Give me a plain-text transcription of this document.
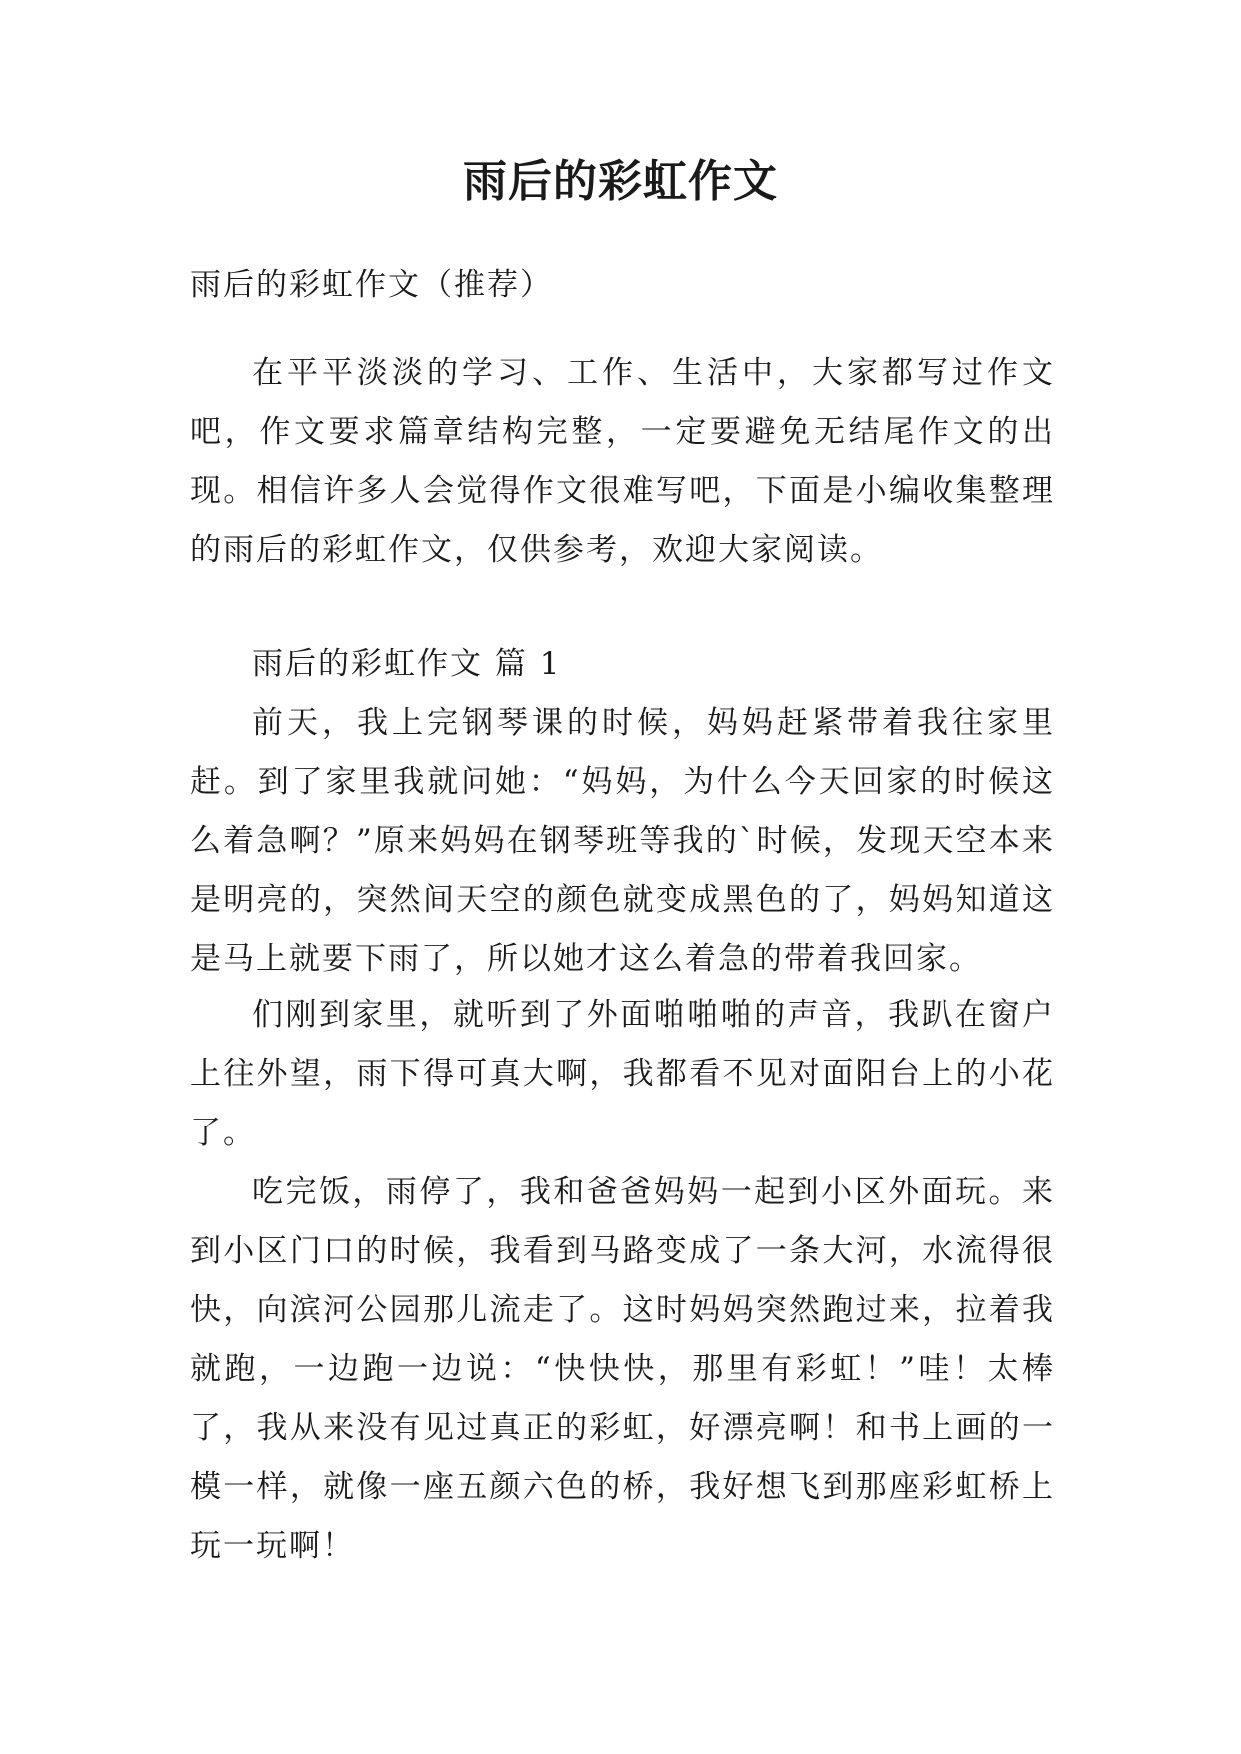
雨后的彩虹作文

雨后的彩虹作文（推荐）

在平平淡淡的学习、工作、生活中，大家都写过作文吧，作文要求篇章结构完整，一定要避免无结尾作文的出现。相信许多人会觉得作文很难写吧，下面是小编收集整理的雨后的彩虹作文，仅供参考，欢迎大家阅读。

雨后的彩虹作文 篇 1

前天，我上完钢琴课的时候，妈妈赶紧带着我往家里赶。到了家里我就问她：“妈妈，为什么今天回家的时候这么着急啊？”原来妈妈在钢琴班等我的`时候，发现天空本来是明亮的，突然间天空的颜色就变成黑色的了，妈妈知道这是马上就要下雨了，所以她才这么着急的带着我回家。

们刚到家里，就听到了外面啪啪啪的声音，我趴在窗户上往外望，雨下得可真大啊，我都看不见对面阳台上的小花了。

吃完饭，雨停了，我和爸爸妈妈一起到小区外面玩。来到小区门口的时候，我看到马路变成了一条大河，水流得很快，向滨河公园那儿流走了。这时妈妈突然跑过来，拉着我就跑，一边跑一边说：“快快快，那里有彩虹！”哇！太棒了，我从来没有见过真正的彩虹，好漂亮啊！和书上画的一模一样，就像一座五颜六色的桥，我好想飞到那座彩虹桥上玩一玩啊！
